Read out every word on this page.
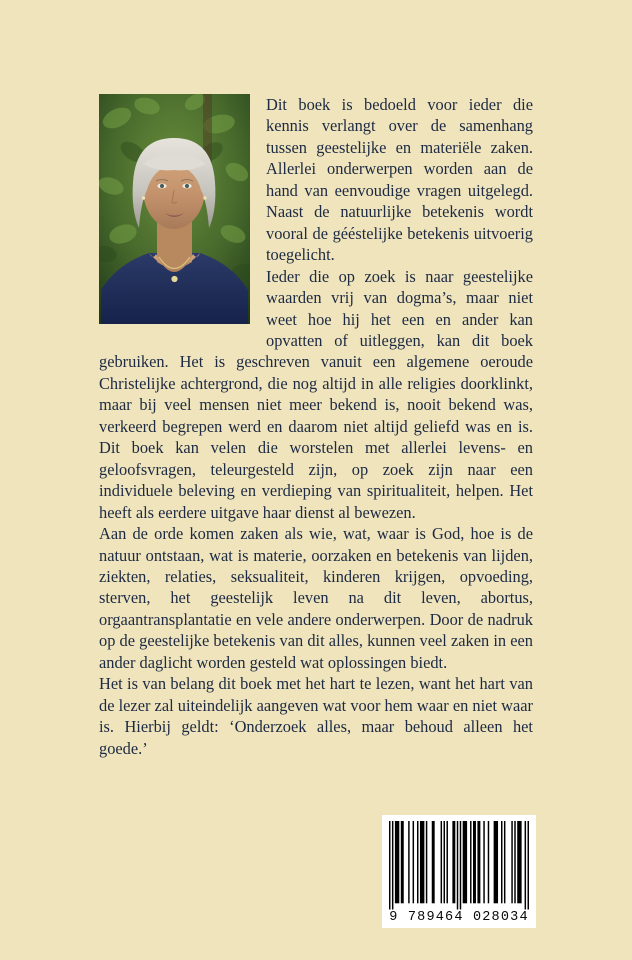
Dit boek is bedoeld voor ieder die kennis verlangt over de samenhang tussen geestelijke en materiële zaken. Allerlei onderwerpen worden aan de hand van eenvoudige vragen uitgelegd. Naast de natuurlijke betekenis wordt vooral de gééstelijke betekenis uitvoerig toegelicht.

Ieder die op zoek is naar geestelijke waarden vrij van dogma’s, maar niet weet hoe hij het een en ander kan opvatten of uitleggen, kan dit boek gebruiken. Het is geschreven vanuit een algemene oeroude Christelijke achtergrond, die nog altijd in alle religies doorklinkt, maar bij veel mensen niet meer bekend is, nooit bekend was, verkeerd begrepen werd en daarom niet altijd geliefd was en is. Dit boek kan velen die worstelen met allerlei levens- en geloofsvragen, teleurgesteld zijn, op zoek zijn naar een individuele beleving en verdieping van spiritualiteit, helpen. Het heeft als eerdere uitgave haar dienst al bewezen.

Aan de orde komen zaken als wie, wat, waar is God, hoe is de natuur ontstaan, wat is materie, oorzaken en betekenis van lijden, ziekten, relaties, seksualiteit, kinderen krijgen, opvoeding, sterven, het geestelijk leven na dit leven, abortus, orgaantransplantatie en vele andere onderwerpen. Door de nadruk op de geestelijke betekenis van dit alles, kunnen veel zaken in een ander daglicht worden gesteld wat oplossingen biedt.

Het is van belang dit boek met het hart te lezen, want het hart van de lezer zal uiteindelijk aangeven wat voor hem waar en niet waar is. Hierbij geldt: ‘Onderzoek alles, maar behoud alleen het goede.’

9 789464 028034
